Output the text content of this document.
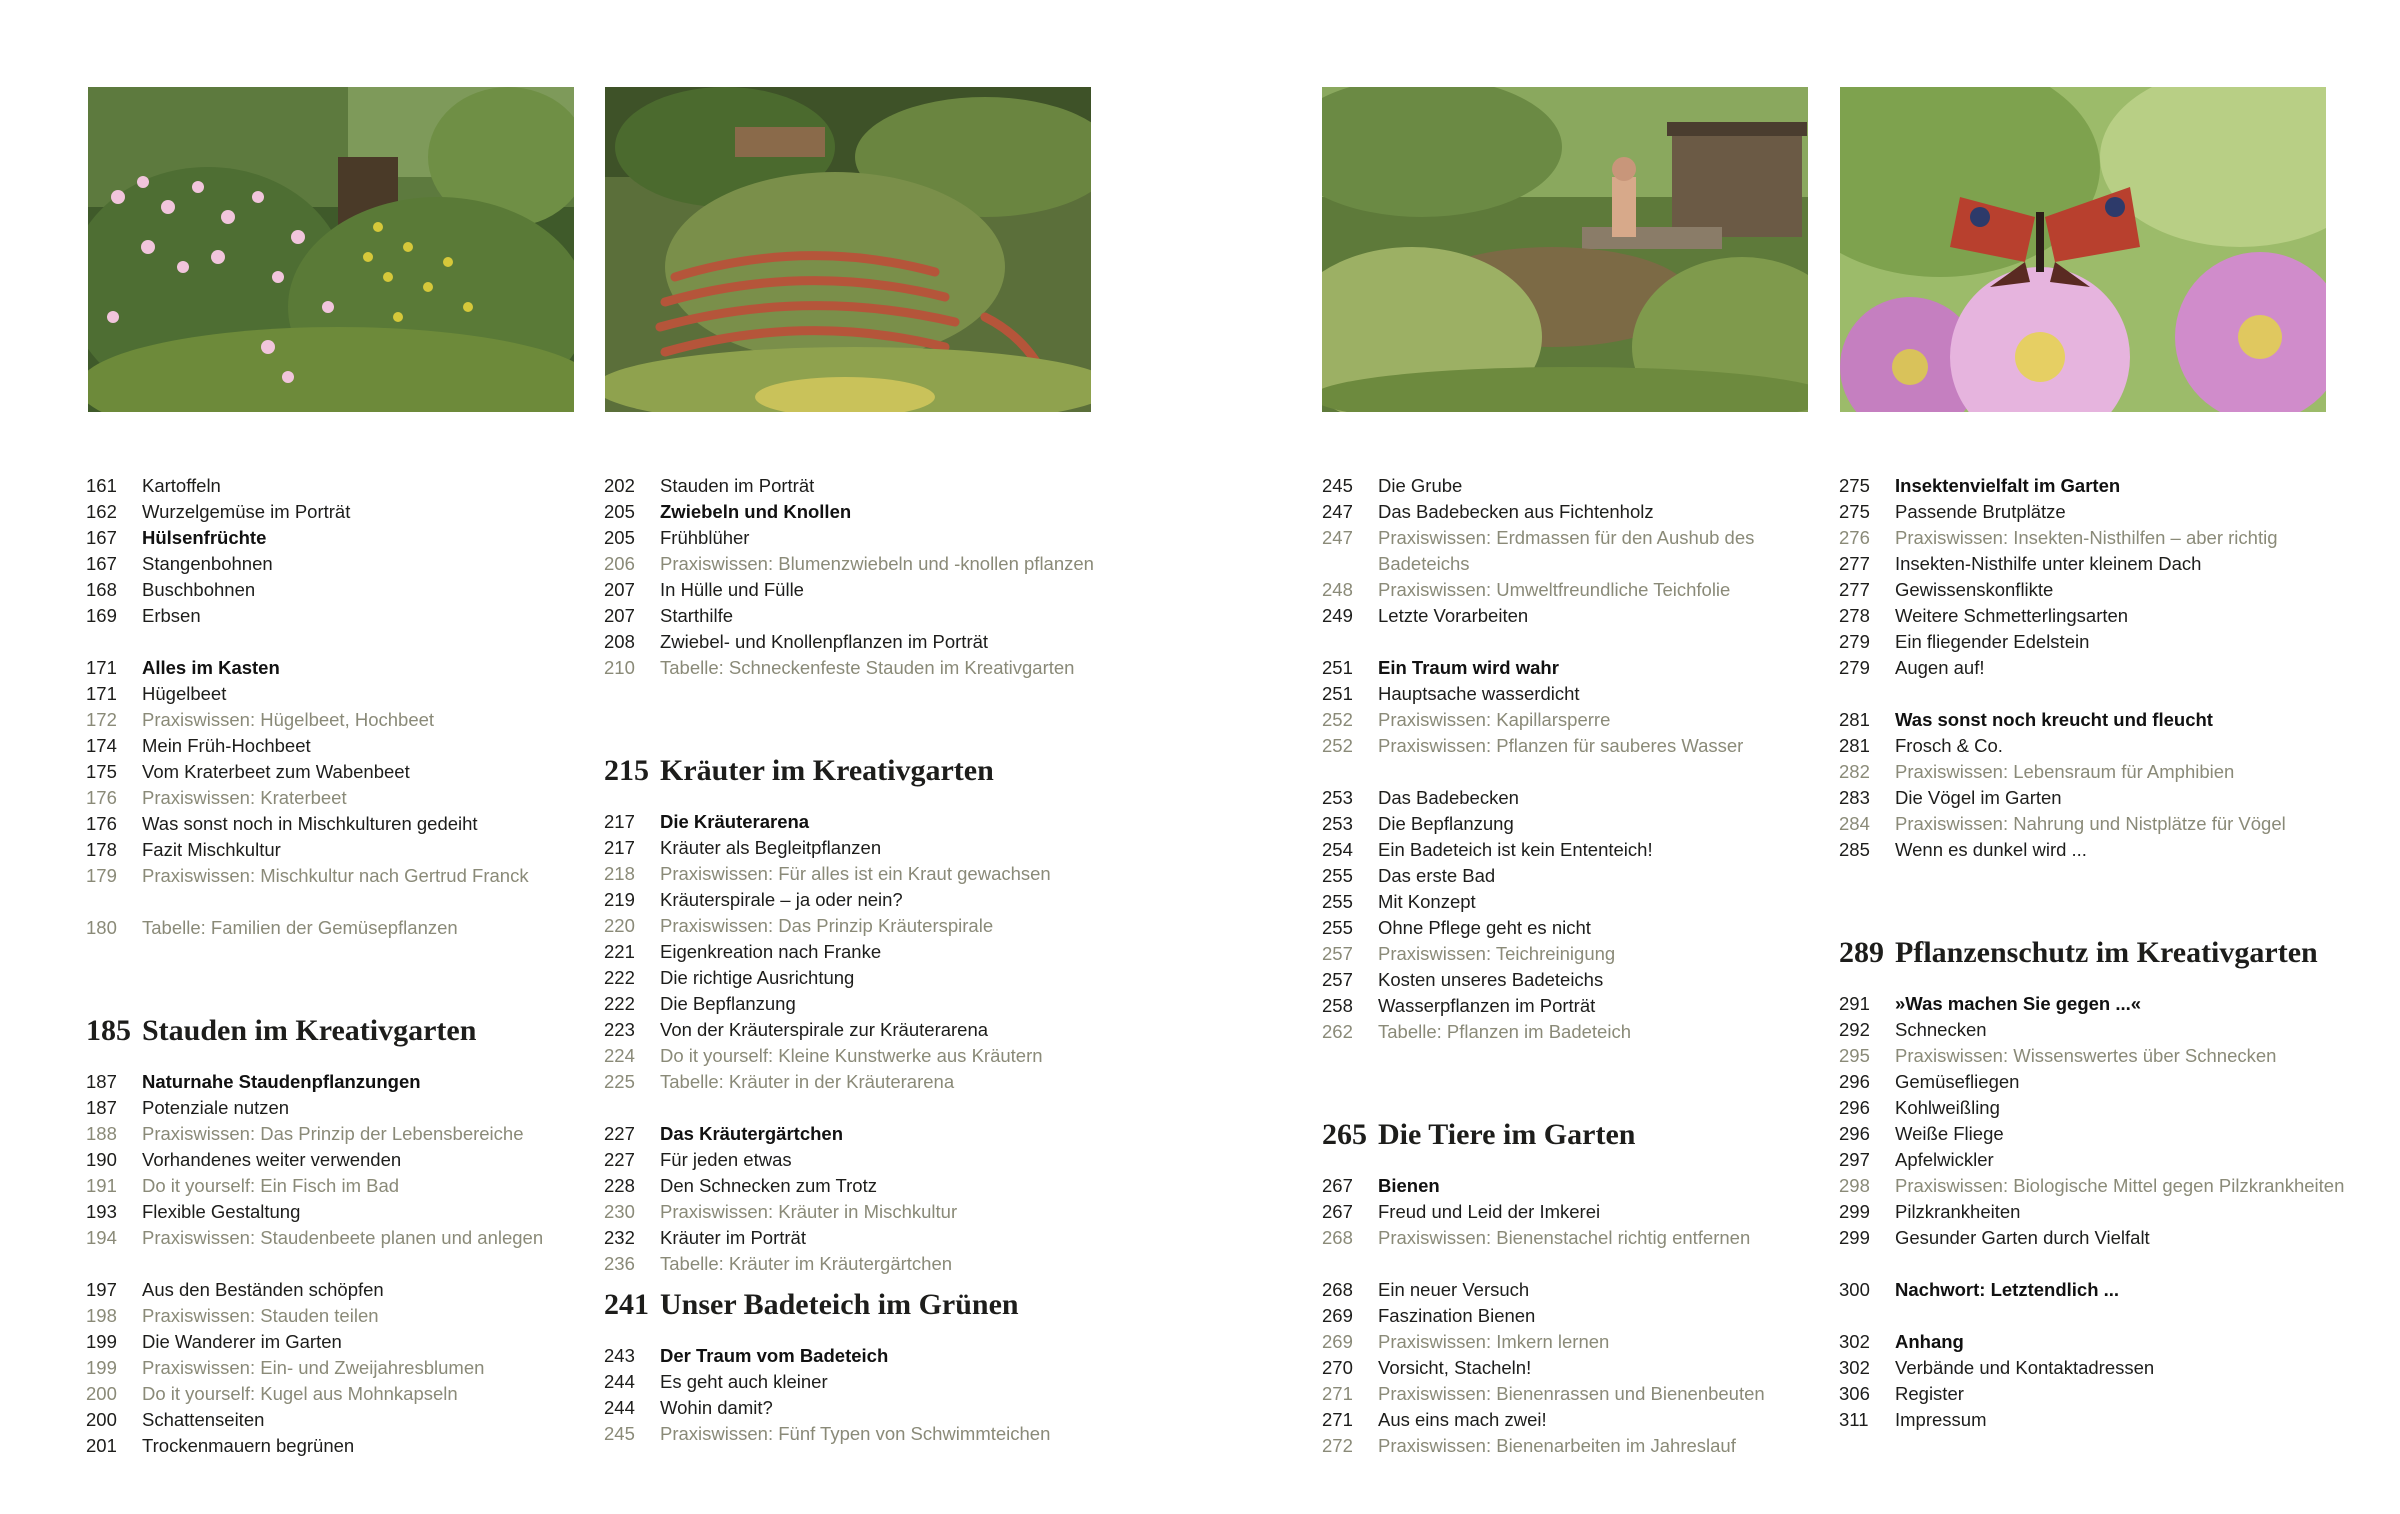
161	Kartoffeln
162	Wurzelgemüse im Porträt
167	Hülsenfrüchte
167	Stangenbohnen
168	Buschbohnen
169	Erbsen
171	Alles im Kasten
171	Hügelbeet
172	Praxiswissen: Hügelbeet, Hochbeet
174	Mein Früh-Hochbeet
175	Vom Kraterbeet zum Wabenbeet
176	Praxiswissen: Kraterbeet
176	Was sonst noch in Mischkulturen gedeiht
178	Fazit Mischkultur
179	Praxiswissen: Mischkultur nach Gertrud Franck
180	Tabelle: Familien der Gemüsepflanzen
185 Stauden im Kreativgarten
187	Naturnahe Staudenpflanzungen
187	Potenziale nutzen
188	Praxiswissen: Das Prinzip der Lebensbereiche
190	Vorhandenes weiter verwenden
191	Do it yourself: Ein Fisch im Bad
193	Flexible Gestaltung
194	Praxiswissen: Staudenbeete planen und anlegen
197	Aus den Beständen schöpfen
198	Praxiswissen: Stauden teilen
199	Die Wanderer im Garten
199	Praxiswissen: Ein- und Zweijahresblumen
200	Do it yourself: Kugel aus Mohnkapseln
200	Schattenseiten
201	Trockenmauern begrünen
202	Stauden im Porträt
205	Zwiebeln und Knollen
205	Frühblüher
206	Praxiswissen: Blumenzwiebeln und -knollen pflanzen
207	In Hülle und Fülle
207	Starthilfe
208	Zwiebel- und Knollenpflanzen im Porträt
210	Tabelle: Schneckenfeste Stauden im Kreativgarten
215 Kräuter im Kreativgarten
217	Die Kräuterarena
217	Kräuter als Begleitpflanzen
218	Praxiswissen: Für alles ist ein Kraut gewachsen
219	Kräuterspirale – ja oder nein?
220	Praxiswissen: Das Prinzip Kräuterspirale
221	Eigenkreation nach Franke
222	Die richtige Ausrichtung
222	Die Bepflanzung
223	Von der Kräuterspirale zur Kräuterarena
224	Do it yourself: Kleine Kunstwerke aus Kräutern
225	Tabelle: Kräuter in der Kräuterarena
227	Das Kräutergärtchen
227	Für jeden etwas
228	Den Schnecken zum Trotz
230	Praxiswissen: Kräuter in Mischkultur
232	Kräuter im Porträt
236	Tabelle: Kräuter im Kräutergärtchen
241 Unser Badeteich im Grünen
243	Der Traum vom Badeteich
244	Es geht auch kleiner
244	Wohin damit?
245	Praxiswissen: Fünf Typen von Schwimmteichen
245	Die Grube
247	Das Badebecken aus Fichtenholz
247	Praxiswissen: Erdmassen für den Aushub des Badeteichs
248	Praxiswissen: Umweltfreundliche Teichfolie
249	Letzte Vorarbeiten
251	Ein Traum wird wahr
251	Hauptsache wasserdicht
252	Praxiswissen: Kapillarsperre
252	Praxiswissen: Pflanzen für sauberes Wasser
253	Das Badebecken
253	Die Bepflanzung
254	Ein Badeteich ist kein Ententeich!
255	Das erste Bad
255	Mit Konzept
255	Ohne Pflege geht es nicht
257	Praxiswissen: Teichreinigung
257	Kosten unseres Badeteichs
258	Wasserpflanzen im Porträt
262	Tabelle: Pflanzen im Badeteich
265 Die Tiere im Garten
267	Bienen
267	Freud und Leid der Imkerei
268	Praxiswissen: Bienenstachel richtig entfernen
268	Ein neuer Versuch
269	Faszination Bienen
269	Praxiswissen: Imkern lernen
270	Vorsicht, Stacheln!
271	Praxiswissen: Bienenrassen und Bienenbeuten
271	Aus eins mach zwei!
272	Praxiswissen: Bienenarbeiten im Jahreslauf
275	Insektenvielfalt im Garten
275	Passende Brutplätze
276	Praxiswissen: Insekten-Nisthilfen – aber richtig
277	Insekten-Nisthilfe unter kleinem Dach
277	Gewissenskonflikte
278	Weitere Schmetterlingsarten
279	Ein fliegender Edelstein
279	Augen auf!
281	Was sonst noch kreucht und fleucht
281	Frosch & Co.
282	Praxiswissen: Lebensraum für Amphibien
283	Die Vögel im Garten
284	Praxiswissen: Nahrung und Nistplätze für Vögel
285	Wenn es dunkel wird ...
289 Pflanzenschutz im Kreativgarten
291	»Was machen Sie gegen ...«
292	Schnecken
295	Praxiswissen: Wissenswertes über Schnecken
296	Gemüsefliegen
296	Kohlweißling
296	Weiße Fliege
297	Apfelwickler
298	Praxiswissen: Biologische Mittel gegen Pilzkrankheiten
299	Pilzkrankheiten
299	Gesunder Garten durch Vielfalt
300	Nachwort: Letztendlich ...
302	Anhang
302	Verbände und Kontaktadressen
306	Register
311	Impressum
